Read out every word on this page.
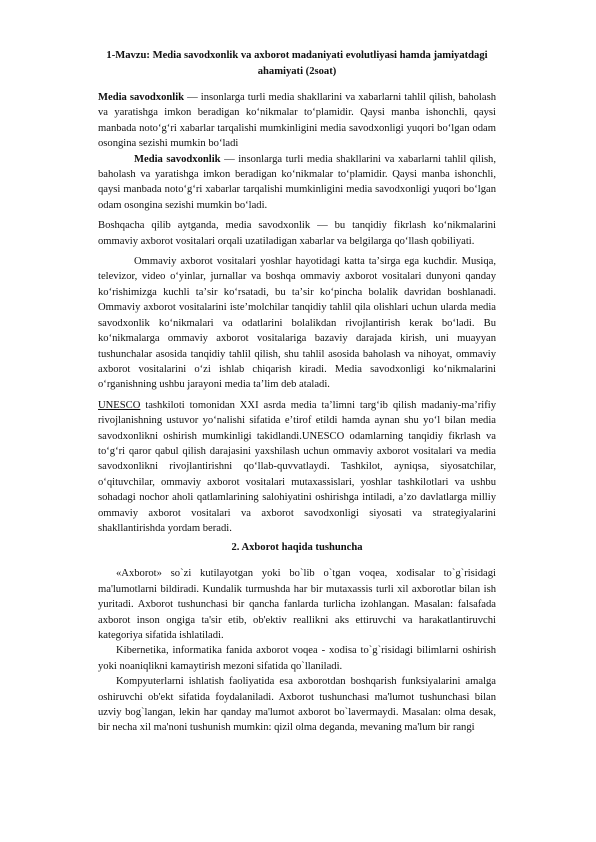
1-Mavzu: Media savodxonlik va axborot madaniyati evolutliyasi hamda jamiyatdagi ahamiyati (2soat)

Media savodxonlik — insonlarga turli media shakllarini va xabarlarni tahlil qilish, baholash va yaratishga imkon beradigan koʻnikmalar toʻplamidir. Qaysi manba ishonchli, qaysi manbada notoʻgʻri xabarlar tarqalishi mumkinligini media savodxonligi yuqori boʻlgan odam osongina sezishi mumkin boʻladi

Media savodxonlik — insonlarga turli media shakllarini va xabarlarni tahlil qilish, baholash va yaratishga imkon beradigan koʻnikmalar toʻplamidir. Qaysi manba ishonchli, qaysi manbada notoʻgʻri xabarlar tarqalishi mumkinligini media savodxonligi yuqori boʻlgan odam osongina sezishi mumkin boʻladi.

Boshqacha qilib aytganda, media savodxonlik — bu tanqidiy fikrlash koʻnikmalarini ommaviy axborot vositalari orqali uzatiladigan xabarlar va belgilarga qoʻllash qobiliyati.

Ommaviy axborot vositalari yoshlar hayotidagi katta taʼsirga ega kuchdir. Musiqa, televizor, video oʻyinlar, jurnallar va boshqa ommaviy axborot vositalari dunyoni qanday koʻrishimizga kuchli taʼsir koʻrsatadi, bu taʼsir koʻpincha bolalik davridan boshlanadi. Ommaviy axborot vositalarini isteʼmolchilar tanqidiy tahlil qila olishlari uchun ularda media savodxonlik koʻnikmalari va odatlarini bolalikdan rivojlantirish kerak boʻladi. Bu koʻnikmalarga ommaviy axborot vositalariga bazaviy darajada kirish, uni muayyan tushunchalar asosida tanqidiy tahlil qilish, shu tahlil asosida baholash va nihoyat, ommaviy axborot vositalarini oʻzi ishlab chiqarish kiradi. Media savodxonligi koʻnikmalarini oʻrganishning ushbu jarayoni media taʼlim deb ataladi.

UNESCO tashkiloti tomonidan XXI asrda media taʼlimni targʻib qilish madaniy-maʼrifiy rivojlanishning ustuvor yoʻnalishi sifatida eʼtirof etildi hamda aynan shu yoʻl bilan media savodxonlikni oshirish mumkinligi takidlandi.UNESCO odamlarning tanqidiy fikrlash va toʻgʻri qaror qabul qilish darajasini yaxshilash uchun ommaviy axborot vositalari va media savodxonlikni rivojlantirishni qoʻllab-quvvatlaydi. Tashkilot, ayniqsa, siyosatchilar, oʻqituvchilar, ommaviy axborot vositalari mutaxassislari, yoshlar tashkilotlari va ushbu sohadagi nochor aholi qatlamlarining salohiyatini oshirishga intiladi, aʼzo davlatlarga milliy ommaviy axborot vositalari va axborot savodxonligi siyosati va strategiyalarini shakllantirishda yordam beradi.

2. Axborot haqida tushuncha

«Axborot» so`zi kutilayotgan yoki bo`lib o`tgan voqea, xodisalar to`g`risidagi ma'lumotlarni bildiradi. Kundalik turmushda har bir mutaxassis turli xil axborotlar bilan ish yuritadi. Axborot tushunchasi bir qancha fanlarda turlicha izohlangan. Masalan: falsafada axborot inson ongiga ta'sir etib, ob'ektiv reallikni aks ettiruvchi va harakatlantiruvchi kategoriya sifatida ishlatiladi.

Kibernetika, informatika fanida axborot voqea - xodisa to`g`risidagi bilimlarni oshirish yoki noaniqlikni kamaytirish mezoni sifatida qo`llaniladi.

Kompyuterlarni ishlatish faoliyatida esa axborotdan boshqarish funksiyalarini amalga oshiruvchi ob'ekt sifatida foydalaniladi. Axborot tushunchasi ma'lumot tushunchasi bilan uzviy bog`langan, lekin har qanday ma'lumot axborot bo`lavermaydi. Masalan: olma desak, bir necha xil ma'noni tushunish mumkin: qizil olma deganda, mevaning ma'lum bir rangi
